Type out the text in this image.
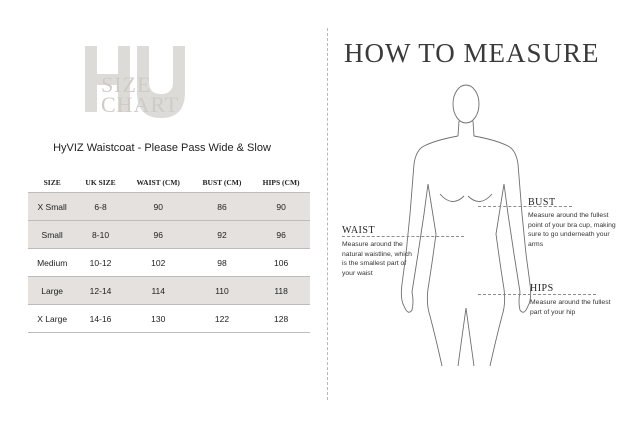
SIZE
CHART
HyVIZ Waistcoat - Please Pass Wide & Slow
SIZE	UK SIZE	WAIST (CM)	BUST (CM)	HIPS (CM)
X Small	6-8	90	86	90
Small	8-10	96	92	96
Medium	10-12	102	98	106
Large	12-14	114	110	118
X Large	14-16	130	122	128
HOW TO MEASURE
BUST
Measure around the fullest point of your bra cup, making sure to go underneath your arms
WAIST
Measure around the natural waistline, which is the smallest part of your waist
HIPS
Measure around the fullest part of your hip
